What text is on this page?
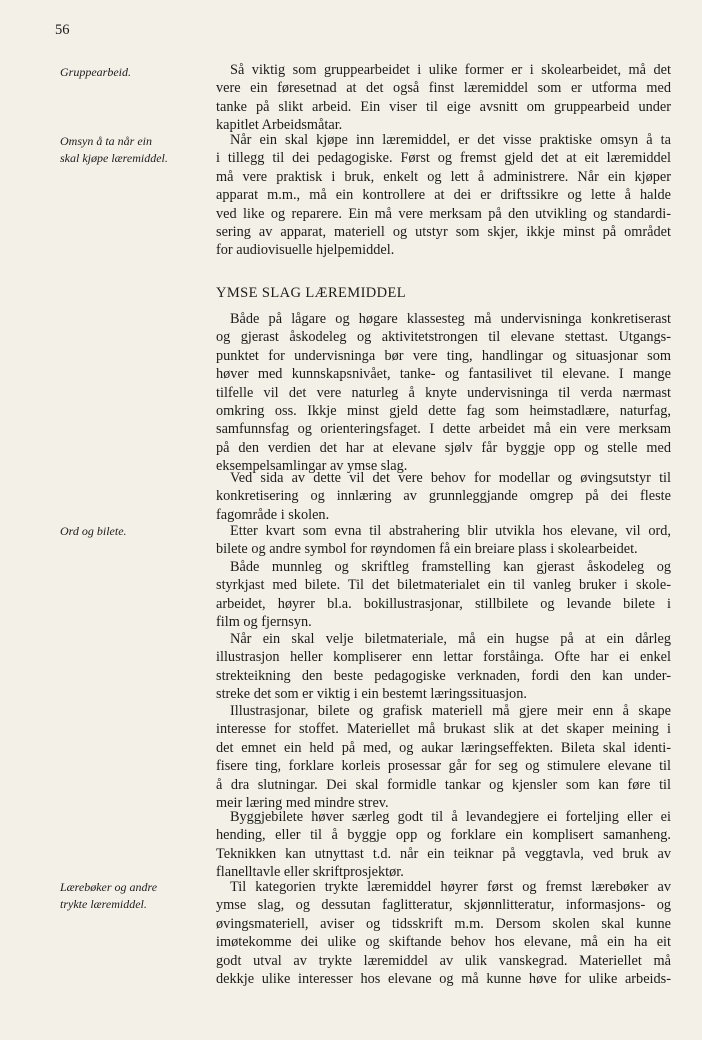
56
Gruppearbeid.
Omsyn å ta når ein
skal kjøpe læremiddel.
Ord og bilete.
Lærebøker og andre
trykte læremiddel.
Så viktig som gruppearbeidet i ulike former er i skolearbeidet, må det
vere ein føresetnad at det også finst læremiddel som er utforma med
tanke på slikt arbeid. Ein viser til eige avsnitt om gruppearbeid under
kapitlet Arbeidsmåtar.
Når ein skal kjøpe inn læremiddel, er det visse praktiske omsyn å ta
i tillegg til dei pedagogiske. Først og fremst gjeld det at eit læremiddel
må vere praktisk i bruk, enkelt og lett å administrere. Når ein kjøper
apparat m.m., må ein kontrollere at dei er driftssikre og lette å halde
ved like og reparere. Ein må vere merksam på den utvikling og standardi-
sering av apparat, materiell og utstyr som skjer, ikkje minst på området
for audiovisuelle hjelpemiddel.
YMSE SLAG LÆREMIDDEL
Både på lågare og høgare klassesteg må undervisninga konkretiserast
og gjerast åskodeleg og aktivitetstrongen til elevane stettast. Utgangs-
punktet for undervisninga bør vere ting, handlingar og situasjonar som
høver med kunnskapsnivået, tanke- og fantasilivet til elevane. I mange
tilfelle vil det vere naturleg å knyte undervisninga til verda nærmast
omkring oss. Ikkje minst gjeld dette fag som heimstadlære, naturfag,
samfunnsfag og orienteringsfaget. I dette arbeidet må ein vere merksam
på den verdien det har at elevane sjølv får byggje opp og stelle med
eksempelsamlingar av ymse slag.
Ved sida av dette vil det vere behov for modellar og øvingsutstyr til
konkretisering og innlæring av grunnleggjande omgrep på dei fleste
fagområde i skolen.
Etter kvart som evna til abstrahering blir utvikla hos elevane, vil ord,
bilete og andre symbol for røyndomen få ein breiare plass i skolearbeidet.
Både munnleg og skriftleg framstelling kan gjerast åskodeleg og
styrkjast med bilete. Til det biletmaterialet ein til vanleg bruker i skole-
arbeidet, høyrer bl.a. bokillustrasjonar, stillbilete og levande bilete i
film og fjernsyn.
Når ein skal velje biletmateriale, må ein hugse på at ein dårleg
illustrasjon heller kompliserer enn lettar forståinga. Ofte har ei enkel
strekteikning den beste pedagogiske verknaden, fordi den kan under-
streke det som er viktig i ein bestemt læringssituasjon.
Illustrasjonar, bilete og grafisk materiell må gjere meir enn å skape
interesse for stoffet. Materiellet må brukast slik at det skaper meining i
det emnet ein held på med, og aukar læringseffekten. Bileta skal identi-
fisere ting, forklare korleis prosessar går for seg og stimulere elevane til
å dra slutningar. Dei skal formidle tankar og kjensler som kan føre til
meir læring med mindre strev.
Byggjebilete høver særleg godt til å levandegjere ei forteljing eller ei
hending, eller til å byggje opp og forklare ein komplisert samanheng.
Teknikken kan utnyttast t.d. når ein teiknar på veggtavla, ved bruk av
flanelltavle eller skriftprosjektør.
Til kategorien trykte læremiddel høyrer først og fremst lærebøker av
ymse slag, og dessutan faglitteratur, skjønnlitteratur, informasjons- og
øvingsmateriell, aviser og tidsskrift m.m. Dersom skolen skal kunne
imøtekomme dei ulike og skiftande behov hos elevane, må ein ha eit
godt utval av trykte læremiddel av ulik vanskegrad. Materiellet må
dekkje ulike interesser hos elevane og må kunne høve for ulike arbeids-
